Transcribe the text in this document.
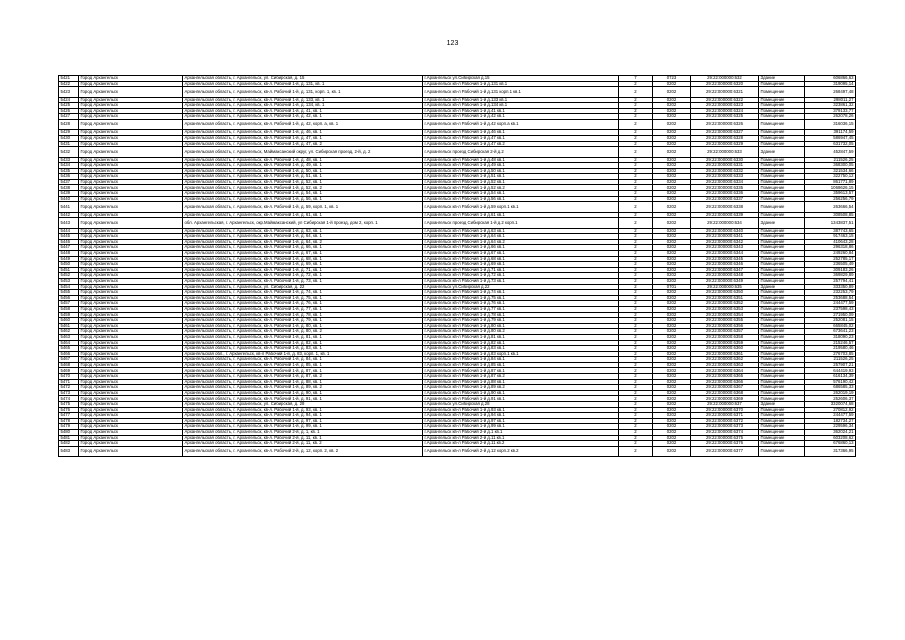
123
5421	Город Архангельск	Архангельская область, г. Архангельск, ул. Сибирская, д. 15	г.Архангельск ул.Сибирская д.15	7	0723	29:22:000000:632	Здание	606866,63
5422	Город Архангельск	Архангельская область, г. Архангельск, кв-л. Рабочий 1-й, д. 131, кв. 1	г.Архангельск кв-л Рабочий 1-й д.131 кв.1	2	0202	29:22:000000:6320	Помещение	319095,14
5423	Город Архангельск	Архангельская область, г. Архангельск, кв-л. Рабочий 1-й, д. 131, корп. 1, кв. 1	г.Архангельск кв-л Рабочий 1-й д.131 корп.1 кв.1	2	0202	29:22:000000:6321	Помещение	268497,48
5424	Город Архангельск	Архангельская область, г. Архангельск, кв-л. Рабочий 1-й, д. 133, кв. 1	г.Архангельск кв-л Рабочий 1-й д.133 кв.1	2	0202	29:22:000000:6322	Помещение	298011,27
5425	Город Архангельск	Архангельская область, г. Архангельск, кв-л. Рабочий 1-й, д. 134, кв. 1	г.Архангельск кв-л Рабочий 1-й д.134 кв.1	2	0202	29:22:000000:6323	Помещение	323861,32
5426	Город Архангельск	Архангельская область, г. Архангельск, кв-л. Рабочий 1-й, д. 41, кв. 1	г.Архангельск кв-л Рабочий 1-й д.41 кв.1	2	0202	29:22:000000:6324	Помещение	379133,77
5427	Город Архангельск	Архангельская область, г. Архангельск, кв-л. Рабочий 1-й, д. 42, кв. 1	г.Архангельск кв-л Рабочий 1-й д.42 кв.1	2	0202	29:22:000000:6325	Помещение	262078,26
5428	Город Архангельск	Архангельская область, г. Архангельск, кв-л. Рабочий 1-й, д. 42, корп. а, кв. 1	г.Архангельск кв-л Рабочий 1-й д.42 корп.а кв.1	2	0202	29:22:000000:6326	Помещение	316036,15
5429	Город Архангельск	Архангельская область, г. Архангельск, кв-л. Рабочий 1-й, д. 46, кв. 1	г.Архангельск кв-л Рабочий 1-й д.46 кв.1	2	0202	29:22:000000:6327	Помещение	391174,59
5430	Город Архангельск	Архангельская область, г. Архангельск, кв-л. Рабочий 1-й, д. 47, кв. 1	г.Архангельск кв-л Рабочий 1-й д.47 кв.1	2	0202	29:22:000000:6328	Помещение	586947,45
5431	Город Архангельск	Архангельская область, г. Архангельск, кв-л. Рабочий 1-й, д. 47, кв. 2	г.Архангельск кв-л Рабочий 1-й д.47 кв.2	2	0202	29:22:000000:6329	Помещение	631732,05
5432	Город Архангельск	Архангельская область, г. Архангельск, Маймаксанский округ, ул. Сибирская проезд, 2-й, д. 2	г.Архангельск проезд Сибирская 2-й д.2	2	0202	29:22:000000:633	Здание	452847,59
5433	Город Архангельск	Архангельская область, г. Архангельск, кв-л. Рабочий 1-й, д. 48, кв. 1	г.Архангельск кв-л Рабочий 1-й д.48 кв.1	2	0202	29:22:000000:6330	Помещение	211526,25
5434	Город Архангельск	Архангельская область, г. Архангельск, кв-л. Рабочий 1-й, д. 49, кв. 1	г.Архангельск кв-л Рабочий 1-й д.49 кв.1	2	0202	29:22:000000:6331	Помещение	368300,05
5435	Город Архангельск	Архангельская область, г. Архангельск, кв-л. Рабочий 1-й, д. 50, кв. 1	г.Архангельск кв-л Рабочий 1-й д.50 кв.1	2	0202	29:22:000000:6332	Помещение	321534,66
5436	Город Архангельск	Архангельская область, г. Архангельск, кв-л. Рабочий 1-й, д. 51, кв. 1	г.Архангельск кв-л Рабочий 1-й д.51 кв.1	2	0202	29:22:000000:6333	Помещение	322750,12
5437	Город Архангельск	Архангельская область, г. Архангельск, кв-л. Рабочий 1-й, д. 52, кв. 1	г.Архангельск кв-л Рабочий 1-й д.52 кв.1	2	0202	29:22:000000:6334	Помещение	861771,89
5438	Город Архангельск	Архангельская область, г. Архангельск, кв-л. Рабочий 1-й, д. 52, кв. 2	г.Архангельск кв-л Рабочий 1-й д.52 кв.2	2	0202	29:22:000000:6335	Помещение	1068626,15
5439	Город Архангельск	Архангельская область, г. Архангельск, кв-л. Рабочий 1-й, д. 54, кв. 1	г.Архангельск кв-л Рабочий 1-й д.54 кв.1	2	0202	29:22:000000:6336	Помещение	359613,57
5440	Город Архангельск	Архангельская область, г. Архангельск, кв-л. Рабочий 1-й, д. 56, кв. 1	г.Архангельск кв-л Рабочий 1-й д.56 кв.1	2	0202	29:22:000000:6337	Помещение	256256,79
5441	Город Архангельск	Архангельская область, г. Архангельск, кв-л. Рабочий 1-й, д. 59, корп. 1, кв. 1	г.Архангельск кв-л Рабочий 1-й д.59 корп.1 кв.1	2	0202	29:22:000000:6338	Помещение	263666,54
5442	Город Архангельск	Архангельская область, г. Архангельск, кв-л. Рабочий 1-й, д. 61, кв. 1	г.Архангельск кв-л Рабочий 1-й д.61 кв.1	2	0202	29:22:000000:6339	Помещение	308508,85
5443	Город Архангельск	обл. Архангельская, г. Архангельск, окр.Маймаксанский, ул Сибирская 1-й проезд, дом 2, корп. 1	г.Архангельск проезд Сибирская 1-й д.2 корп.1	2	0202	29:22:000000:634	Здание	1343837,51
5444	Город Архангельск	Архангельская область, г. Архангельск, кв-л. Рабочий 1-й, д. 63, кв. 1	г.Архангельск кв-л Рабочий 1-й д.63 кв.1	2	0202	29:22:000000:6340	Помещение	387743,65
5445	Город Архангельск	Архангельская область, г. Архангельск, кв-л. Рабочий 1-й, д. 64, кв. 1	г.Архангельск кв-л Рабочий 1-й д.64 кв.1	2	0202	29:22:000000:6341	Помещение	917463,15
5446	Город Архангельск	Архангельская область, г. Архангельск, кв-л. Рабочий 1-й, д. 64, кв. 2	г.Архангельск кв-л Рабочий 1-й д.64 кв.2	2	0202	29:22:000000:6342	Помещение	410643,28
5447	Город Архангельск	Архангельская область, г. Архангельск, кв-л. Рабочий 1-й, д. 66, кв. 1	г.Архангельск кв-л Рабочий 1-й д.66 кв.1	2	0202	29:22:000000:6343	Помещение	296318,86
5448	Город Архангельск	Архангельская область, г. Архангельск, кв-л. Рабочий 1-й, д. 67, кв. 1	г.Архангельск кв-л Рабочий 1-й д.67 кв.1	2	0202	29:22:000000:6344	Помещение	249260,84
5449	Город Архангельск	Архангельская область, г. Архангельск, кв-л. Рабочий 1-й, д. 68, кв. 1	г.Архангельск кв-л Рабочий 1-й д.68 кв.1	2	0202	29:22:000000:6345	Помещение	252785,17
5450	Город Архангельск	Архангельская область, г. Архангельск, кв-л. Рабочий 1-й, д. 69, кв. 1	г.Архангельск кв-л Рабочий 1-й д.69 кв.1	2	0202	29:22:000000:6346	Помещение	236505,49
5451	Город Архангельск	Архангельская область, г. Архангельск, кв-л. Рабочий 1-й, д. 71, кв. 1	г.Архангельск кв-л Рабочий 1-й д.71 кв.1	2	0202	29:22:000000:6347	Помещение	309183,26
5452	Город Архангельск	Архангельская область, г. Архангельск, кв-л. Рабочий 1-й, д. 72, кв. 1	г.Архангельск кв-л Рабочий 1-й д.72 кв.1	2	0202	29:22:000000:6348	Помещение	369829,89
5453	Город Архангельск	Архангельская область, г. Архангельск, кв-л. Рабочий 1-й, д. 73, кв. 1	г.Архангельск кв-л Рабочий 1-й д.73 кв.1	2	0202	29:22:000000:6349	Помещение	257794,41
5454	Город Архангельск	Архангельская область, г. Архангельск, ул. Сибирская, д. 22	г.Архангельск ул.Сибирская д.22	2	0701	29:22:000000:635	Здание	333350,89
5455	Город Архангельск	Архангельская область, г. Архангельск, кв-л. Рабочий 1-й, д. 74, кв. 1	г.Архангельск кв-л Рабочий 1-й д.74 кв.1	2	0202	29:22:000000:6350	Помещение	232253,79
5456	Город Архангельск	Архангельская область, г. Архангельск, кв-л. Рабочий 1-й, д. 75, кв. 1	г.Архангельск кв-л Рабочий 1-й д.75 кв.1	2	0202	29:22:000000:6351	Помещение	253688,54
5457	Город Архангельск	Архангельская область, г. Архангельск, кв-л. Рабочий 1-й, д. 76, кв. 1	г.Архангельск кв-л Рабочий 1-й д.76 кв.1	2	0202	29:22:000000:6352	Помещение	244477,59
5458	Город Архангельск	Архангельская область, г. Архангельск, кв-л. Рабочий 1-й, д. 77, кв. 1	г.Архангельск кв-л Рабочий 1-й д.77 кв.1	2	0202	29:22:000000:6353	Помещение	237598,43
5459	Город Архангельск	Архангельская область, г. Архангельск, кв-л. Рабочий 1-й, д. 78, кв. 1	г.Архангельск кв-л Рабочий 1-й д.78 кв.1	2	0202	29:22:000000:6354	Помещение	271950,09
5460	Город Архангельск	Архангельская область, г. Архангельск, кв-л. Рабочий 1-й, д. 79, кв. 1	г.Архангельск кв-л Рабочий 1-й д.79 кв.1	2	0202	29:22:000000:6355	Помещение	252081,15
5461	Город Архангельск	Архангельская область, г. Архангельск, кв-л. Рабочий 1-й, д. 80, кв. 1	г.Архангельск кв-л Рабочий 1-й д.80 кв.1	2	0202	29:22:000000:6356	Помещение	665845,02
5462	Город Архангельск	Архангельская область, г. Архангельск, кв-л. Рабочий 1-й, д. 80, кв. 2	г.Архангельск кв-л Рабочий 1-й д.80 кв.2	2	0202	29:22:000000:6357	Помещение	673641,23
5463	Город Архангельск	Архангельская область, г. Архангельск, кв-л. Рабочий 1-й, д. 81, кв. 1	г.Архангельск кв-л Рабочий 1-й д.81 кв.1	2	0202	29:22:000000:6358	Помещение	318090,23
5464	Город Архангельск	Архангельская область, г. Архангельск, кв-л. Рабочий 1-й, д. 82, кв. 1	г.Архангельск кв-л Рабочий 1-й д.82 кв.1	2	0202	29:22:000000:6359	Помещение	215246,57
5465	Город Архангельск	Архангельская область, г. Архангельск, кв-л. Рабочий 1-й, д. 83, кв. 1	г.Архангельск кв-л Рабочий 1-й д.83 кв.1	2	0202	29:22:000000:6360	Помещение	219580,46
5466	Город Архангельск	Архангельская обл., г. Архангельск, кв-л Рабочий 1-й, д. 83, корп. 1, кв. 1	г.Архангельск кв-л Рабочий 1-й д.83 корп.1 кв.1	2	0202	29:22:000000:6361	Помещение	276703,85
5467	Город Архангельск	Архангельская область, г. Архангельск, кв-л. Рабочий 1-й, д. 84, кв. 1	г.Архангельск кв-л Рабочий 1-й д.84 кв.1	2	0202	29:22:000000:6362	Помещение	211526,25
5468	Город Архангельск	Архангельская область, г. Архангельск, кв-л. Рабочий 1-й, д. 85, кв. 1	г.Архангельск кв-л Рабочий 1-й д.85 кв.1	2	0202	29:22:000000:6363	Помещение	257907,21
5469	Город Архангельск	Архангельская область, г. Архангельск, кв-л. Рабочий 1-й, д. 87, кв. 1	г.Архангельск кв-л Рабочий 1-й д.87 кв.1	2	0202	29:22:000000:6364	Помещение	644419,93
5470	Город Архангельск	Архангельская область, г. Архангельск, кв-л. Рабочий 1-й, д. 87, кв. 2	г.Архангельск кв-л Рабочий 1-й д.87 кв.2	2	0202	29:22:000000:6365	Помещение	616134,39
5471	Город Архангельск	Архангельская область, г. Архангельск, кв-л. Рабочий 1-й, д. 88, кв. 1	г.Архангельск кв-л Рабочий 1-й д.88 кв.1	2	0202	29:22:000000:6366	Помещение	576190,42
5472	Город Архангельск	Архангельская область, г. Архангельск, кв-л. Рабочий 1-й, д. 89, кв. 2	г.Архангельск кв-л Рабочий 1-й д.89 кв.2	2	0202	29:22:000000:6367	Помещение	686585,33
5473	Город Архангельск	Архангельская область, г. Архангельск, кв-л. Рабочий 1-й, д. 90, кв. 1	г.Архангельск кв-л Рабочий 1-й д.90 кв.1	2	0202	29:22:000000:6368	Помещение	262019,19
5474	Город Архангельск	Архангельская область, г. Архангельск, кв-л. Рабочий 1-й, д. 91, кв. 1	г.Архангельск кв-л Рабочий 1-й д.91 кв.1	2	0202	29:22:000000:6369	Помещение	252606,37
5475	Город Архангельск	Архангельская область, г. Архангельск, ул. Сибирская, д. 28	г.Архангельск ул.Сибирская д.28	2	0202	29:22:000000:637	Здание	3320074,68
5476	Город Архангельск	Архангельская область, г. Архангельск, кв-л. Рабочий 1-й, д. 93, кв. 1	г.Архангельск кв-л Рабочий 1-й д.93 кв.1	2	0202	29:22:000000:6370	Помещение	270812,92
5477	Город Архангельск	Архангельская область, г. Архангельск, кв-л. Рабочий 1-й, д. 94, кв. 1	г.Архангельск кв-л Рабочий 1-й д.94 кв.1	2	0202	29:22:000000:6371	Помещение	244477,59
5478	Город Архангельск	Архангельская область, г. Архангельск, кв-л. Рабочий 1-й, д. 97, кв. 1	г.Архангельск кв-л Рабочий 1-й д.97 кв.1	2	0202	29:22:000000:6372	Помещение	182734,27
5479	Город Архангельск	Архангельская область, г. Архангельск, кв-л. Рабочий 1-й, д. 99, кв. 1	г.Архангельск кв-л Рабочий 1-й д.99 кв.1	2	0202	29:22:000000:6373	Помещение	229596,34
5480	Город Архангельск	Архангельская область, г. Архангельск, кв-л. Рабочий 2-й, д. 1, кв. 1	г.Архангельск кв-л Рабочий 2-й д.1 кв.1	2	0202	29:22:000000:6374	Помещение	362024,21
5481	Город Архангельск	Архангельская область, г. Архангельск, кв-л. Рабочий 2-й, д. 11, кв. 1	г.Архангельск кв-л Рабочий 2-й д.11 кв.1	2	0202	29:22:000000:6375	Помещение	603208,62
5482	Город Архангельск	Архангельская область, г. Архангельск, кв-л. Рабочий 2-й, д. 11, кв. 2	г.Архангельск кв-л Рабочий 2-й д.11 кв.2	2	0202	29:22:000000:6376	Помещение	676860,13
5483	Город Архангельск	Архангельская область, г. Архангельск, кв-л. Рабочий 2-й, д. 12, корп. 2, кв. 2	г.Архангельск кв-л Рабочий 2-й д.12 корп.2 кв.2	2	0202	29:22:000000:6377	Помещение	317366,95
